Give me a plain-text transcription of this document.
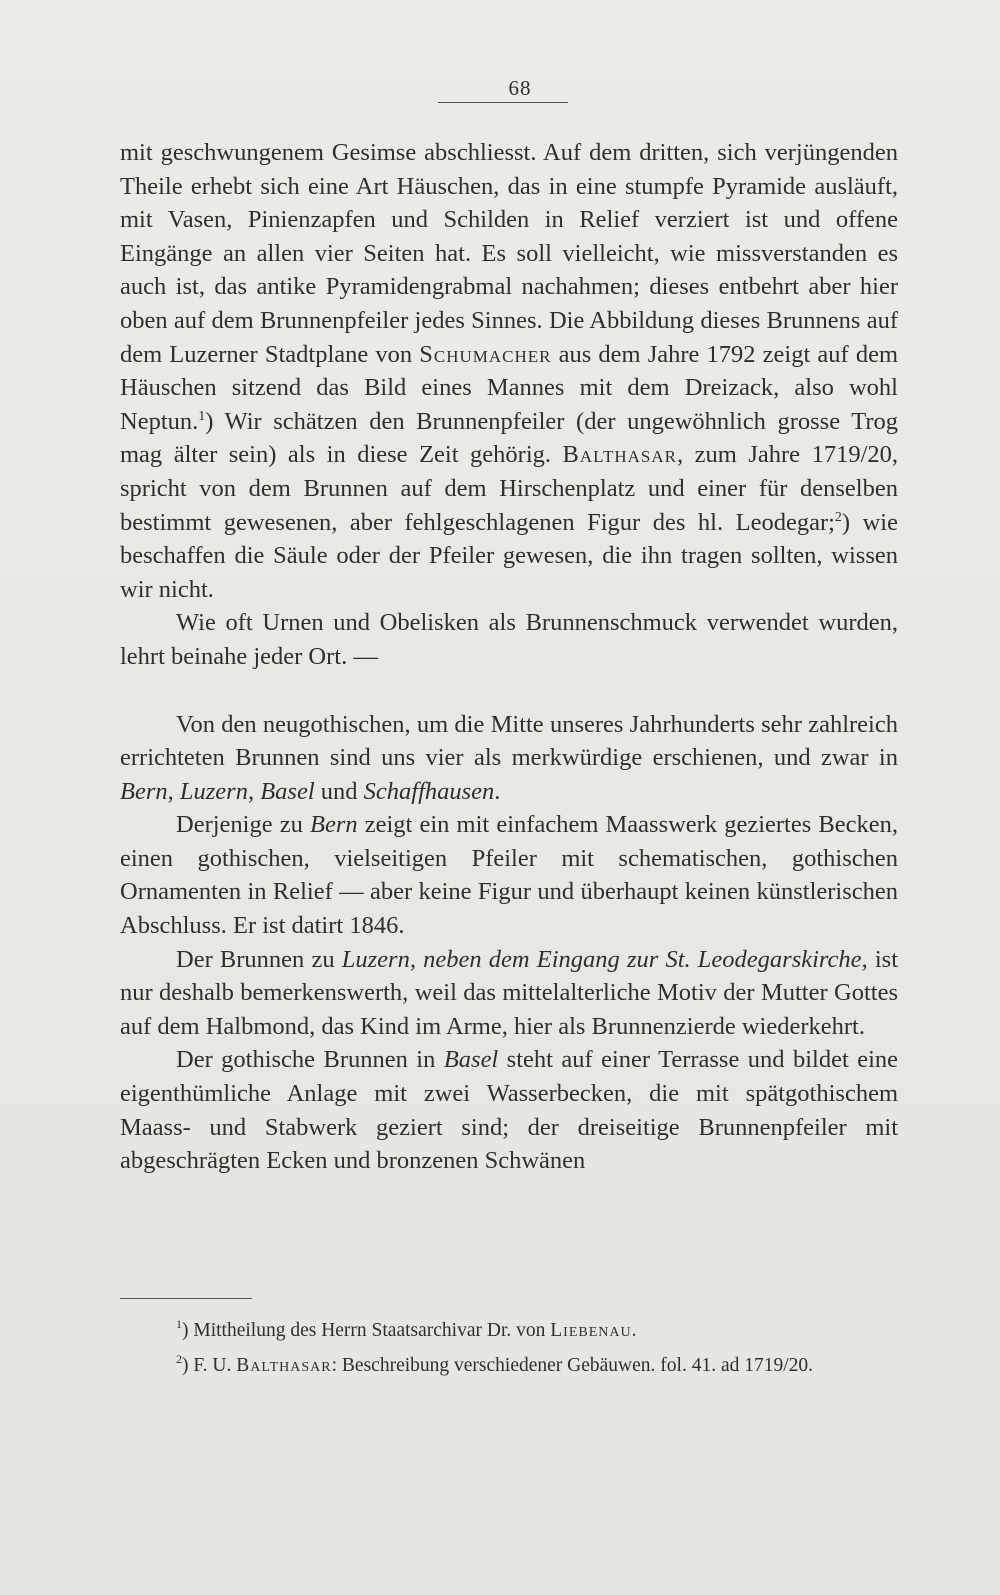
68

mit geschwungenem Gesimse abschliesst. Auf dem dritten, sich verjüngenden Theile erhebt sich eine Art Häuschen, das in eine stumpfe Pyramide ausläuft, mit Vasen, Pinienzapfen und Schilden in Relief verziert ist und offene Eingänge an allen vier Seiten hat. Es soll vielleicht, wie missverstanden es auch ist, das antike Pyramidengrabmal nachahmen; dieses entbehrt aber hier oben auf dem Brunnenpfeiler jedes Sinnes. Die Abbildung dieses Brunnens auf dem Luzerner Stadtplane von Schumacher aus dem Jahre 1792 zeigt auf dem Häuschen sitzend das Bild eines Mannes mit dem Dreizack, also wohl Neptun.$^1$) Wir schätzen den Brunnenpfeiler (der ungewöhnlich grosse Trog mag älter sein) als in diese Zeit gehörig. Balthasar, zum Jahre 1719/20, spricht von dem Brunnen auf dem Hirschenplatz und einer für denselben bestimmt gewesenen, aber fehlgeschlagenen Figur des hl. Leodegar;$^2$) wie beschaffen die Säule oder der Pfeiler gewesen, die ihn tragen sollten, wissen wir nicht.

Wie oft Urnen und Obelisken als Brunnenschmuck verwendet wurden, lehrt beinahe jeder Ort. —

Von den neugothischen, um die Mitte unseres Jahrhunderts sehr zahlreich errichteten Brunnen sind uns vier als merkwürdige erschienen, und zwar in Bern, Luzern, Basel und Schaffhausen.

Derjenige zu Bern zeigt ein mit einfachem Maasswerk geziertes Becken, einen gothischen, vielseitigen Pfeiler mit schematischen, gothischen Ornamenten in Relief — aber keine Figur und überhaupt keinen künstlerischen Abschluss. Er ist datirt 1846.

Der Brunnen zu Luzern, neben dem Eingang zur St. Leodegarskirche, ist nur deshalb bemerkenswerth, weil das mittelalterliche Motiv der Mutter Gottes auf dem Halbmond, das Kind im Arme, hier als Brunnenzierde wiederkehrt.

Der gothische Brunnen in Basel steht auf einer Terrasse und bildet eine eigenthümliche Anlage mit zwei Wasserbecken, die mit spätgothischem Maass- und Stabwerk geziert sind; der dreiseitige Brunnenpfeiler mit abgeschrägten Ecken und bronzenen Schwänen

$^1$) Mittheilung des Herrn Staatsarchivar Dr. von Liebenau.

$^2$) F. U. Balthasar: Beschreibung verschiedener Gebäuwen. fol. 41. ad 1719/20.
